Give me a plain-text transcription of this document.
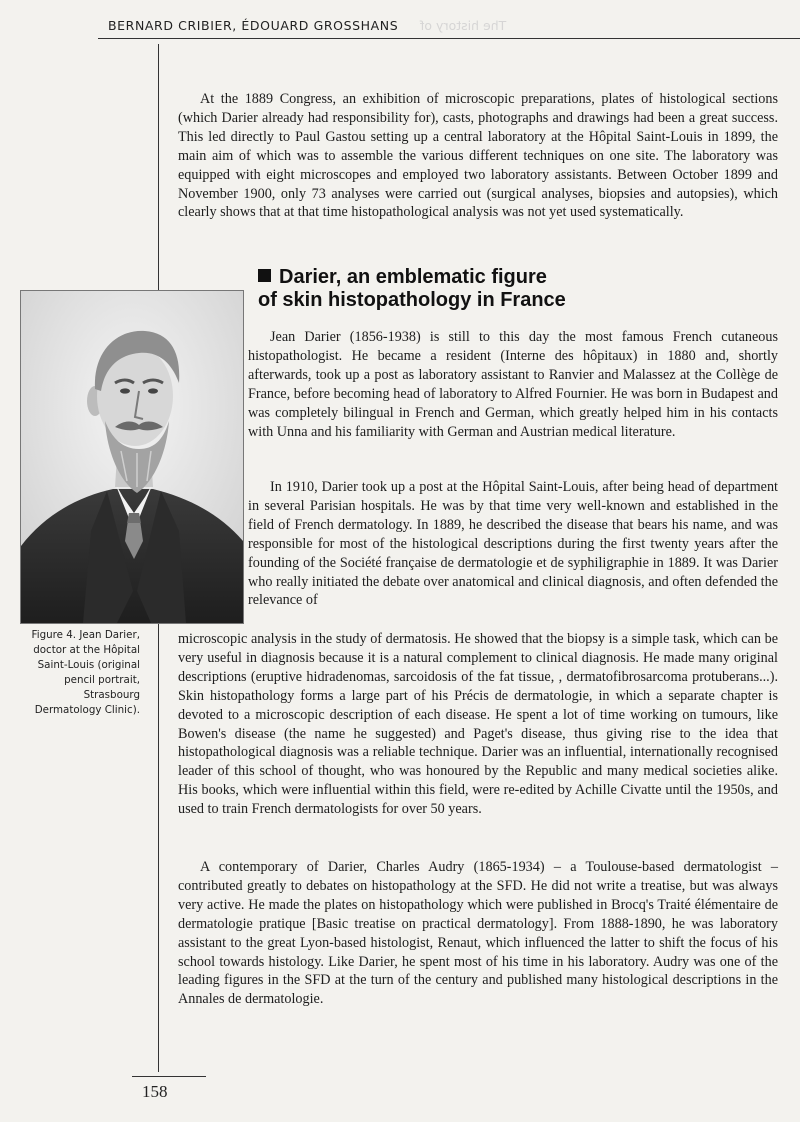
BERNARD CRIBIER, ÉDOUARD GROSSHANS The history of

At the 1889 Congress, an exhibition of microscopic preparations, plates of histological sections (which Darier already had responsibility for), casts, photographs and drawings had been a great success. This led directly to Paul Gastou setting up a central laboratory at the Hôpital Saint-Louis in 1899, the main aim of which was to assemble the various different techniques on one site. The laboratory was equipped with eight microscopes and employed two laboratory assistants. Between October 1899 and November 1900, only 73 analyses were carried out (surgical analyses, biopsies and autopsies), which clearly shows that at that time histopathological analysis was not yet used systematically.

Darier, an emblematic figure
of skin histopathology in France
Figure 4. Jean Darier,
doctor at the Hôpital
Saint-Louis (original
pencil portrait,
Strasbourg
Dermatology Clinic).

Jean Darier (1856-1938) is still to this day the most famous French cutaneous histopathologist. He became a resident (Interne des hôpitaux) in 1880 and, shortly afterwards, took up a post as laboratory assistant to Ranvier and Malassez at the Collège de France, before becoming head of laboratory to Alfred Fournier. He was born in Budapest and was completely bilingual in French and German, which greatly helped him in his contacts with Unna and his familiarity with German and Austrian medical literature.

In 1910, Darier took up a post at the Hôpital Saint-Louis, after being head of department in several Parisian hospitals. He was by that time very well-known and established in the field of French dermatology. In 1889, he described the disease that bears his name, and was responsible for most of the histological descriptions during the first twenty years after the founding of the Société française de dermatologie et de syphiligraphie in 1889. It was Darier who really initiated the debate over anatomical and clinical diagnosis, and often defended the relevance of

microscopic analysis in the study of dermatosis. He showed that the biopsy is a simple task, which can be very useful in diagnosis because it is a natural complement to clinical diagnosis. He made many original descriptions (eruptive hidradenomas, sarcoidosis of the fat tissue, , dermatofibrosarcoma protuberans...). Skin histopathology forms a large part of his Précis de dermatologie, in which a separate chapter is devoted to a microscopic description of each disease. He spent a lot of time working on tumours, like Bowen's disease (the name he suggested) and Paget's disease, thus giving rise to the idea that histopathological diagnosis was a reliable technique. Darier was an influential, internationally recognised leader of this school of thought, who was honoured by the Republic and many medical societies alike. His books, which were influential within this field, were re-edited by Achille Civatte until the 1950s, and used to train French dermatologists for over 50 years.

A contemporary of Darier, Charles Audry (1865-1934) – a Toulouse-based dermatologist – contributed greatly to debates on histopathology at the SFD. He did not write a treatise, but was always very active. He made the plates on histopathology which were published in Brocq's Traité élémentaire de dermatologie pratique [Basic treatise on practical dermatology]. From 1888-1890, he was laboratory assistant to the great Lyon-based histologist, Renaut, which influenced the latter to shift the focus of his school towards histology. Like Darier, he spent most of his time in his laboratory. Audry was one of the leading figures in the SFD at the turn of the century and published many histological descriptions in the Annales de dermatologie.

158
